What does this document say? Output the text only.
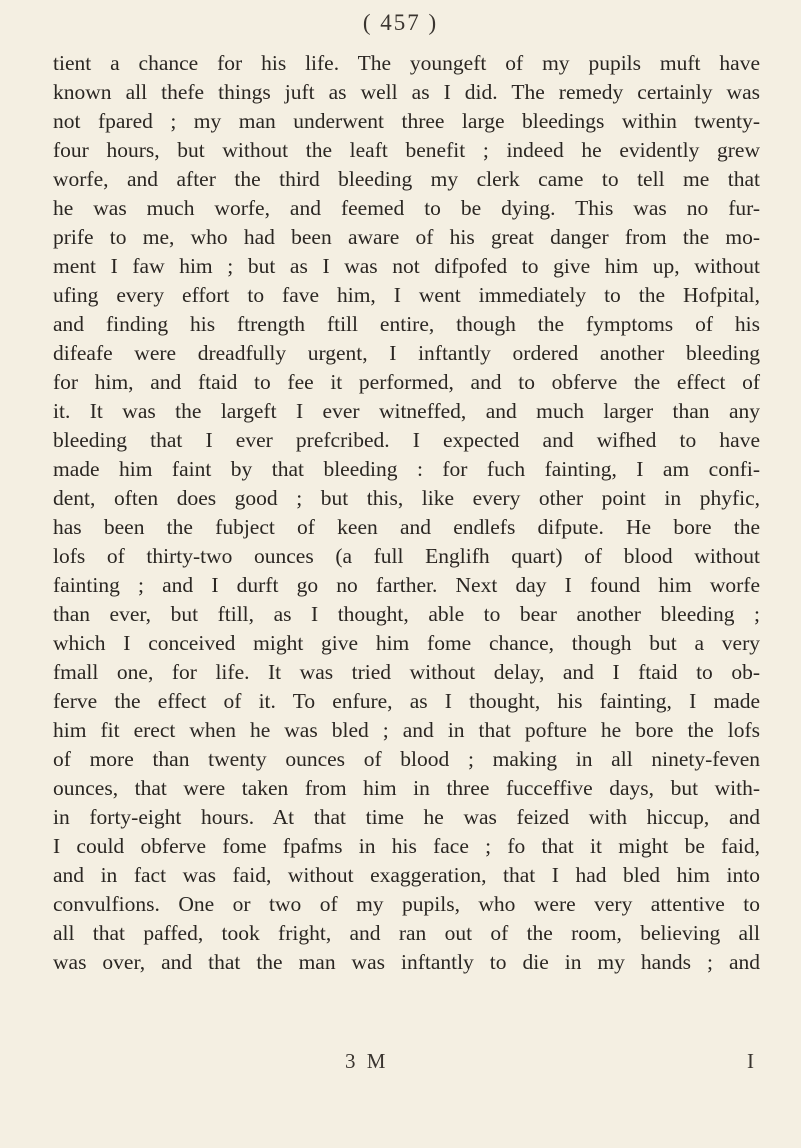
( 457 )
tient a chance for his life. The youngeft of my pupils muft have
known all thefe things juft as well as I did. The remedy certainly was
not fpared ; my man underwent three large bleedings within twenty-
four hours, but without the leaft benefit ; indeed he evidently grew
worfe, and after the third bleeding my clerk came to tell me that
he was much worfe, and feemed to be dying. This was no fur-
prife to me, who had been aware of his great danger from the mo-
ment I faw him ; but as I was not difpofed to give him up, without
ufing every effort to fave him, I went immediately to the Hofpital,
and finding his ftrength ftill entire, though the fymptoms of his
difeafe were dreadfully urgent, I inftantly ordered another bleeding
for him, and ftaid to fee it performed, and to obferve the effect of
it. It was the largeft I ever witneffed, and much larger than any
bleeding that I ever prefcribed. I expected and wifhed to have
made him faint by that bleeding : for fuch fainting, I am confi-
dent, often does good ; but this, like every other point in phyfic,
has been the fubject of keen and endlefs difpute. He bore the
lofs of thirty-two ounces (a full Englifh quart) of blood without
fainting ; and I durft go no farther. Next day I found him worfe
than ever, but ftill, as I thought, able to bear another bleeding ;
which I conceived might give him fome chance, though but a very
fmall one, for life. It was tried without delay, and I ftaid to ob-
ferve the effect of it. To enfure, as I thought, his fainting, I made
him fit erect when he was bled ; and in that pofture he bore the lofs
of more than twenty ounces of blood ; making in all ninety-feven
ounces, that were taken from him in three fucceffive days, but with-
in forty-eight hours. At that time he was feized with hiccup, and
I could obferve fome fpafms in his face ; fo that it might be faid,
and in fact was faid, without exaggeration, that I had bled him into
convulfions. One or two of my pupils, who were very attentive to
all that paffed, took fright, and ran out of the room, believing all
was over, and that the man was inftantly to die in my hands ; and
3 M	I
